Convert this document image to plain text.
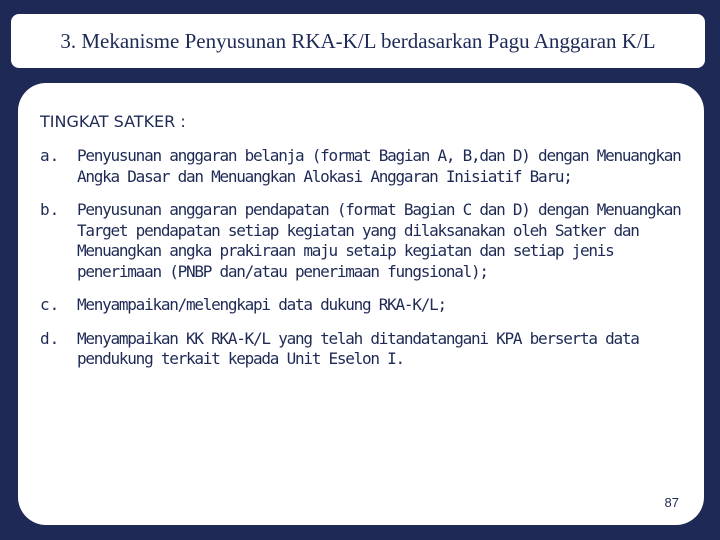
3. Mekanisme Penyusunan RKA-K/L berdasarkan Pagu Anggaran K/L
TINGKAT SATKER :
a.	Penyusunan anggaran belanja (format Bagian A, B,dan D) dengan Menuangkan Angka Dasar dan Menuangkan Alokasi Anggaran Inisiatif Baru;
b.	Penyusunan anggaran pendapatan (format Bagian C dan D) dengan Menuangkan Target pendapatan setiap kegiatan yang dilaksanakan oleh Satker dan Menuangkan angka prakiraan maju setaip kegiatan dan setiap jenis penerimaan (PNBP dan/atau penerimaan fungsional);
c.	Menyampaikan/melengkapi data dukung RKA-K/L;
d.	Menyampaikan KK RKA-K/L yang telah ditandatangani KPA berserta data pendukung terkait kepada Unit Eselon I.
87
